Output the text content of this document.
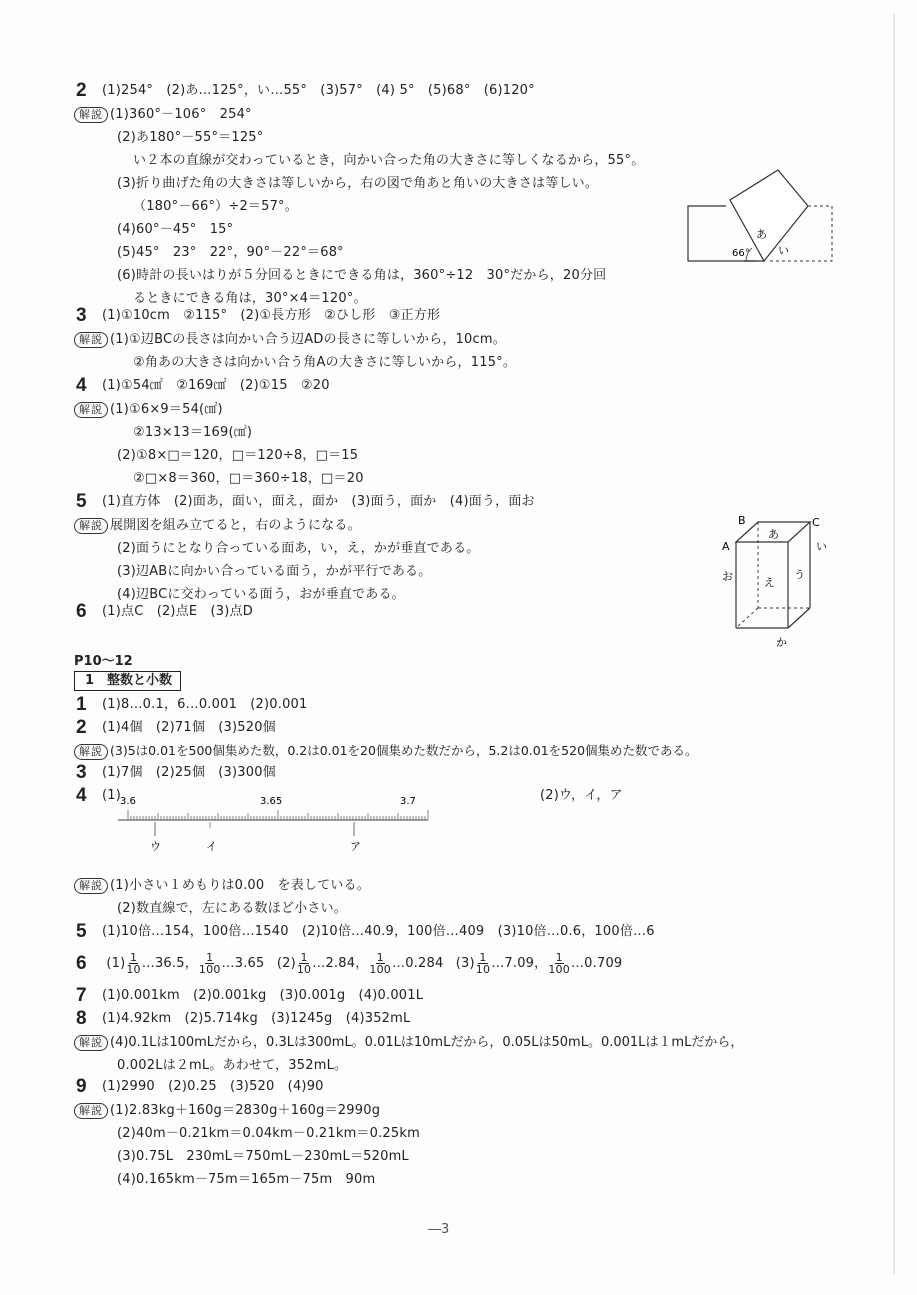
2 (1)254°　(2)あ…125°，い…55°　(3)57°　(4) 5°　(5)68°　(6)120°
解説 (1)360°－106°　254°
(2)あ180°－55°＝125°
い２本の直線が交わっているとき，向かい合った角の大きさに等しくなるから，55°。
(3)折り曲げた角の大きさは等しいから，右の図で角あと角いの大きさは等しい。
（180°－66°）÷2＝57°。
(4)60°－45°　15°
(5)45°　23°　22°，90°－22°＝68°
(6)時計の長いはりが５分回るときにできる角は，360°÷12　30°だから，20分回
るときにできる角は，30°×4＝120°。
66°
あ
い
3 (1)①10cm　②115°　(2)①長方形　②ひし形　③正方形
解説 (1)①辺BCの長さは向かい合う辺ADの長さに等しいから，10cm。
②角あの大きさは向かい合う角Aの大きさに等しいから，115°。
4 (1)①54㎠　②169㎠　(2)①15　②20
解説 (1)①6×9＝54(㎠)
②13×13＝169(㎠)
(2)①8×□＝120，□＝120÷8，□＝15
②□×8＝360，□＝360÷18，□＝20
5 (1)直方体　(2)面あ，面い，面え，面か　(3)面う，面か　(4)面う，面お
解説 展開図を組み立てると，右のようになる。
(2)面うにとなり合っている面あ，い，え，かが垂直である。
(3)辺ABに向かい合っている面う，かが平行である。
(4)辺BCに交わっている面う，おが垂直である。
B	C
A
あ
い
お	え
う
か
6 (1)点C　(2)点E　(3)点D
P10～12
1　整数と小数
1 (1)8…0.1，6…0.001　(2)0.001
2 (1)4個　(2)71個　(3)520個
解説 (3)5は0.01を500個集めた数，0.2は0.01を20個集めた数だから，5.2は0.01を520個集めた数である。
3 (1)7個　(2)25個　(3)300個
4 (1)	(2)ウ，イ，ア
3.6	3.65	3.7
ウ	イ	ア
解説 (1)小さい１めもりは0.00　を表している。
(2)数直線で，左にある数ほど小さい。
5 (1)10倍…154，100倍…1540　(2)10倍…40.9，100倍…409　(3)10倍…0.6，100倍…6
6 $(1) \frac{1}{10}$ …36.5， $\frac{1}{100}$ …3.65 $(2) \frac{1}{10}$ …2.84， $\frac{1}{100}$ …0.284 $(3) \frac{1}{10}$ …7.09， $\frac{1}{100}$ …0.709
7 (1)0.001km　(2)0.001kg　(3)0.001g　(4)0.001L
8 (1)4.92km　(2)5.714kg　(3)1245g　(4)352mL
解説 (4)0.1Lは100mLだから，0.3Lは300mL。0.01Lは10mLだから，0.05Lは50mL。0.001Lは１mLだから，
0.002Lは２mL。あわせて，352mL。
9 (1)2990　(2)0.25　(3)520　(4)90
解説 (1)2.83kg＋160g＝2830g＋160g＝2990g
(2)40m－0.21km＝0.04km－0.21km＝0.25km
(3)0.75L　230mL＝750mL－230mL＝520mL
(4)0.165km－75m＝165m－75m　90m
―3
